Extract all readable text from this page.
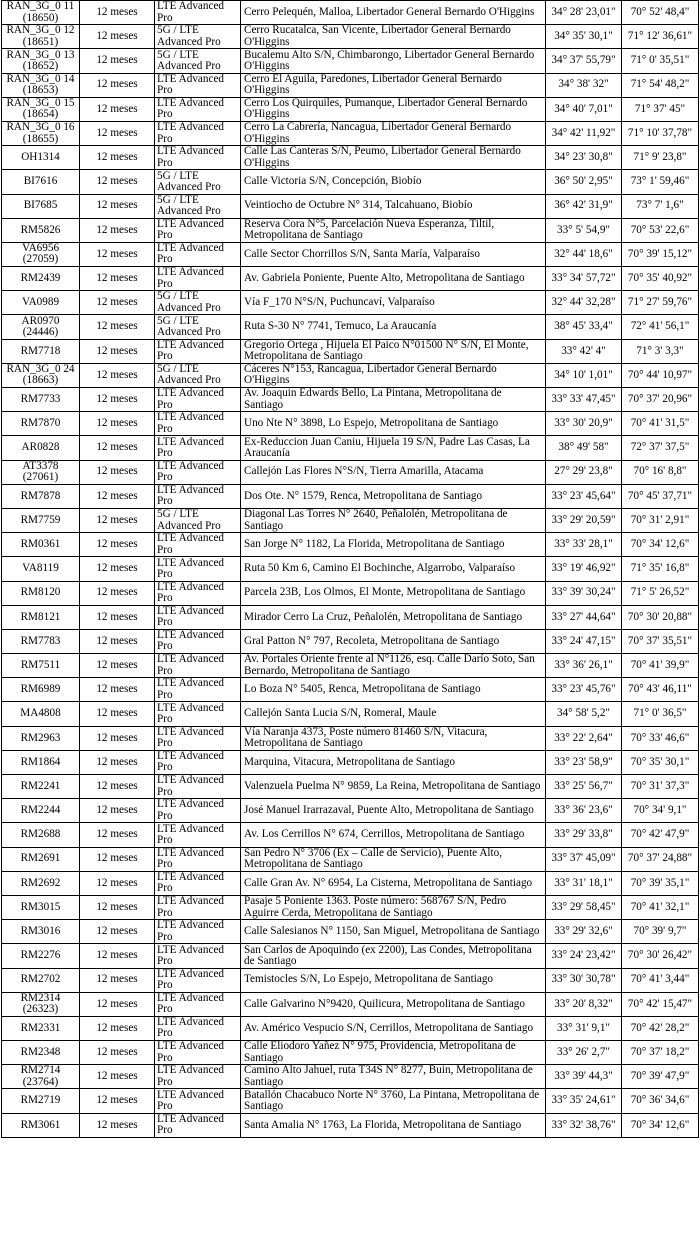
RAN_3G_0 11 (18650)	12 meses	LTE Advanced Pro	Cerro Pelequén, Malloa, Libertador General Bernardo O'Higgins	34° 28' 23,01"	70° 52' 48,4"
RAN_3G_0 12 (18651)	12 meses	5G / LTE Advanced Pro	Cerro Rucatalca, San Vicente, Libertador General Bernardo O'Higgins	34° 35' 30,1"	71° 12' 36,61"
RAN_3G_0 13 (18652)	12 meses	5G / LTE Advanced Pro	Bucalemu Alto S/N, Chimbarongo, Libertador General Bernardo O'Higgins	34° 37' 55,79"	71° 0' 35,51"
RAN_3G_0 14 (18653)	12 meses	LTE Advanced Pro	Cerro El Aguila, Paredones, Libertador General Bernardo O'Higgins	34° 38' 32"	71° 54' 48,2"
RAN_3G_0 15 (18654)	12 meses	LTE Advanced Pro	Cerro Los Quirquiles, Pumanque, Libertador General Bernardo O'Higgins	34° 40' 7,01"	71° 37' 45"
RAN_3G_0 16 (18655)	12 meses	LTE Advanced Pro	Cerro La Cabrería, Nancagua, Libertador General Bernardo O'Higgins	34° 42' 11,92"	71° 10' 37,78"
OH1314	12 meses	LTE Advanced Pro	Calle Las Canteras S/N, Peumo, Libertador General Bernardo O'Higgins	34° 23' 30,8"	71° 9' 23,8"
BI7616	12 meses	5G / LTE Advanced Pro	Calle Victoria S/N, Concepción, Biobío	36° 50' 2,95"	73° 1' 59,46"
BI7685	12 meses	5G / LTE Advanced Pro	Veintiocho de Octubre N° 314, Talcahuano, Biobío	36° 42' 31,9"	73° 7' 1,6"
RM5826	12 meses	LTE Advanced Pro	Reserva Cora N°5, Parcelación Nueva Esperanza, Tiltil, Metropolitana de Santiago	33° 5' 54,9"	70° 53' 22,6"
VA6956 (27059)	12 meses	LTE Advanced Pro	Calle Sector Chorrillos S/N, Santa María, Valparaíso	32° 44' 18,6"	70° 39' 15,12"
RM2439	12 meses	LTE Advanced Pro	Av. Gabriela Poniente, Puente Alto, Metropolitana de Santiago	33° 34' 57,72"	70° 35' 40,92"
VA0989	12 meses	5G / LTE Advanced Pro	Vía F_170 N°S/N, Puchuncaví, Valparaíso	32° 44' 32,28"	71° 27' 59,76"
AR0970 (24446)	12 meses	5G / LTE Advanced Pro	Ruta S-30 N° 7741, Temuco, La Araucanía	38° 45' 33,4"	72° 41' 56,1"
RM7718	12 meses	LTE Advanced Pro	Gregorio Ortega , Hijuela El Paico N°01500 N° S/N, El Monte, Metropolitana de Santiago	33° 42' 4"	71° 3' 3,3"
RAN_3G_0 24 (18663)	12 meses	5G / LTE Advanced Pro	Cáceres N°153, Rancagua, Libertador General Bernardo O'Higgins	34° 10' 1,01"	70° 44' 10,97"
RM7733	12 meses	LTE Advanced Pro	Av. Joaquin Edwards Bello, La Pintana, Metropolitana de Santiago	33° 33' 47,45"	70° 37' 20,96"
RM7870	12 meses	LTE Advanced Pro	Uno Nte N° 3898, Lo Espejo, Metropolitana de Santiago	33° 30' 20,9"	70° 41' 31,5"
AR0828	12 meses	LTE Advanced Pro	Ex-Reduccion Juan Caniu, Hijuela 19 S/N, Padre Las Casas, La Araucanía	38° 49' 58"	72° 37' 37,5"
AT3378 (27061)	12 meses	LTE Advanced Pro	Callejón Las Flores N°S/N, Tierra Amarilla, Atacama	27° 29' 23,8"	70° 16' 8,8"
RM7878	12 meses	LTE Advanced Pro	Dos Ote. N° 1579, Renca, Metropolitana de Santiago	33° 23' 45,64"	70° 45' 37,71"
RM7759	12 meses	5G / LTE Advanced Pro	Diagonal Las Torres N° 2640, Peñalolén, Metropolitana de Santiago	33° 29' 20,59"	70° 31' 2,91"
RM0361	12 meses	LTE Advanced Pro	San Jorge N° 1182, La Florida, Metropolitana de Santiago	33° 33' 28,1"	70° 34' 12,6"
VA8119	12 meses	LTE Advanced Pro	Ruta 50 Km 6, Camino El Bochinche, Algarrobo, Valparaíso	33° 19' 46,92"	71° 35' 16,8"
RM8120	12 meses	LTE Advanced Pro	Parcela 23B, Los Olmos, El Monte, Metropolitana de Santiago	33° 39' 30,24"	71° 5' 26,52"
RM8121	12 meses	LTE Advanced Pro	Mirador Cerro La Cruz, Peñalolén, Metropolitana de Santiago	33° 27' 44,64"	70° 30' 20,88"
RM7783	12 meses	LTE Advanced Pro	Gral Patton N° 797, Recoleta, Metropolitana de Santiago	33° 24' 47,15"	70° 37' 35,51"
RM7511	12 meses	LTE Advanced Pro	Av. Portales Oriente frente al N°1126, esq. Calle Darío Soto, San Bernardo, Metropolitana de Santiago	33° 36' 26,1"	70° 41' 39,9"
RM6989	12 meses	LTE Advanced Pro	Lo Boza N° 5405, Renca, Metropolitana de Santiago	33° 23' 45,76"	70° 43' 46,11"
MA4808	12 meses	LTE Advanced Pro	Callejón Santa Lucia S/N, Romeral, Maule	34° 58' 5,2"	71° 0' 36,5"
RM2963	12 meses	LTE Advanced Pro	Vía Naranja 4373, Poste número 81460 S/N, Vitacura, Metropolitana de Santiago	33° 22' 2,64"	70° 33' 46,6"
RM1864	12 meses	LTE Advanced Pro	Marquina, Vitacura, Metropolitana de Santiago	33° 23' 58,9"	70° 35' 30,1"
RM2241	12 meses	LTE Advanced Pro	Valenzuela Puelma N° 9859, La Reina, Metropolitana de Santiago	33° 25' 56,7"	70° 31' 37,3"
RM2244	12 meses	LTE Advanced Pro	José Manuel Irarrazaval, Puente Alto, Metropolitana de Santiago	33° 36' 23,6"	70° 34' 9,1"
RM2688	12 meses	LTE Advanced Pro	Av. Los Cerrillos N° 674, Cerrillos, Metropolitana de Santiago	33° 29' 33,8"	70° 42' 47,9"
RM2691	12 meses	LTE Advanced Pro	San Pedro N° 3706 (Ex – Calle de Servicio), Puente Alto, Metropolitana de Santiago	33° 37' 45,09"	70° 37' 24,88"
RM2692	12 meses	LTE Advanced Pro	Calle Gran Av. N° 6954, La Cisterna, Metropolitana de Santiago	33° 31' 18,1"	70° 39' 35,1"
RM3015	12 meses	LTE Advanced Pro	Pasaje 5 Poniente 1363. Poste número: 568767 S/N, Pedro Aguirre Cerda, Metropolitana de Santiago	33° 29' 58,45"	70° 41' 32,1"
RM3016	12 meses	LTE Advanced Pro	Calle Salesianos N° 1150, San Miguel, Metropolitana de Santiago	33° 29' 32,6"	70° 39' 9,7"
RM2276	12 meses	LTE Advanced Pro	San Carlos de Apoquindo (ex 2200), Las Condes, Metropolitana de Santiago	33° 24' 23,42"	70° 30' 26,42"
RM2702	12 meses	LTE Advanced Pro	Temistocles S/N, Lo Espejo, Metropolitana de Santiago	33° 30' 30,78"	70° 41' 3,44"
RM2314 (26323)	12 meses	LTE Advanced Pro	Calle Galvarino N°9420, Quilicura, Metropolitana de Santiago	33° 20' 8,32"	70° 42' 15,47"
RM2331	12 meses	LTE Advanced Pro	Av. Américo Vespucio S/N, Cerrillos, Metropolitana de Santiago	33° 31' 9,1"	70° 42' 28,2"
RM2348	12 meses	LTE Advanced Pro	Calle Eliodoro Yañez N° 975, Providencia, Metropolitana de Santiago	33° 26' 2,7"	70° 37' 18,2"
RM2714 (23764)	12 meses	LTE Advanced Pro	Camino Alto Jahuel, ruta T34S N° 8277, Buin, Metropolitana de Santiago	33° 39' 44,3"	70° 39' 47,9"
RM2719	12 meses	LTE Advanced Pro	Batallón Chacabuco Norte N° 3760, La Pintana, Metropolitana de Santiago	33° 35' 24,61"	70° 36' 34,6"
RM3061	12 meses	LTE Advanced Pro	Santa Amalia N° 1763, La Florida, Metropolitana de Santiago	33° 32' 38,76"	70° 34' 12,6"
